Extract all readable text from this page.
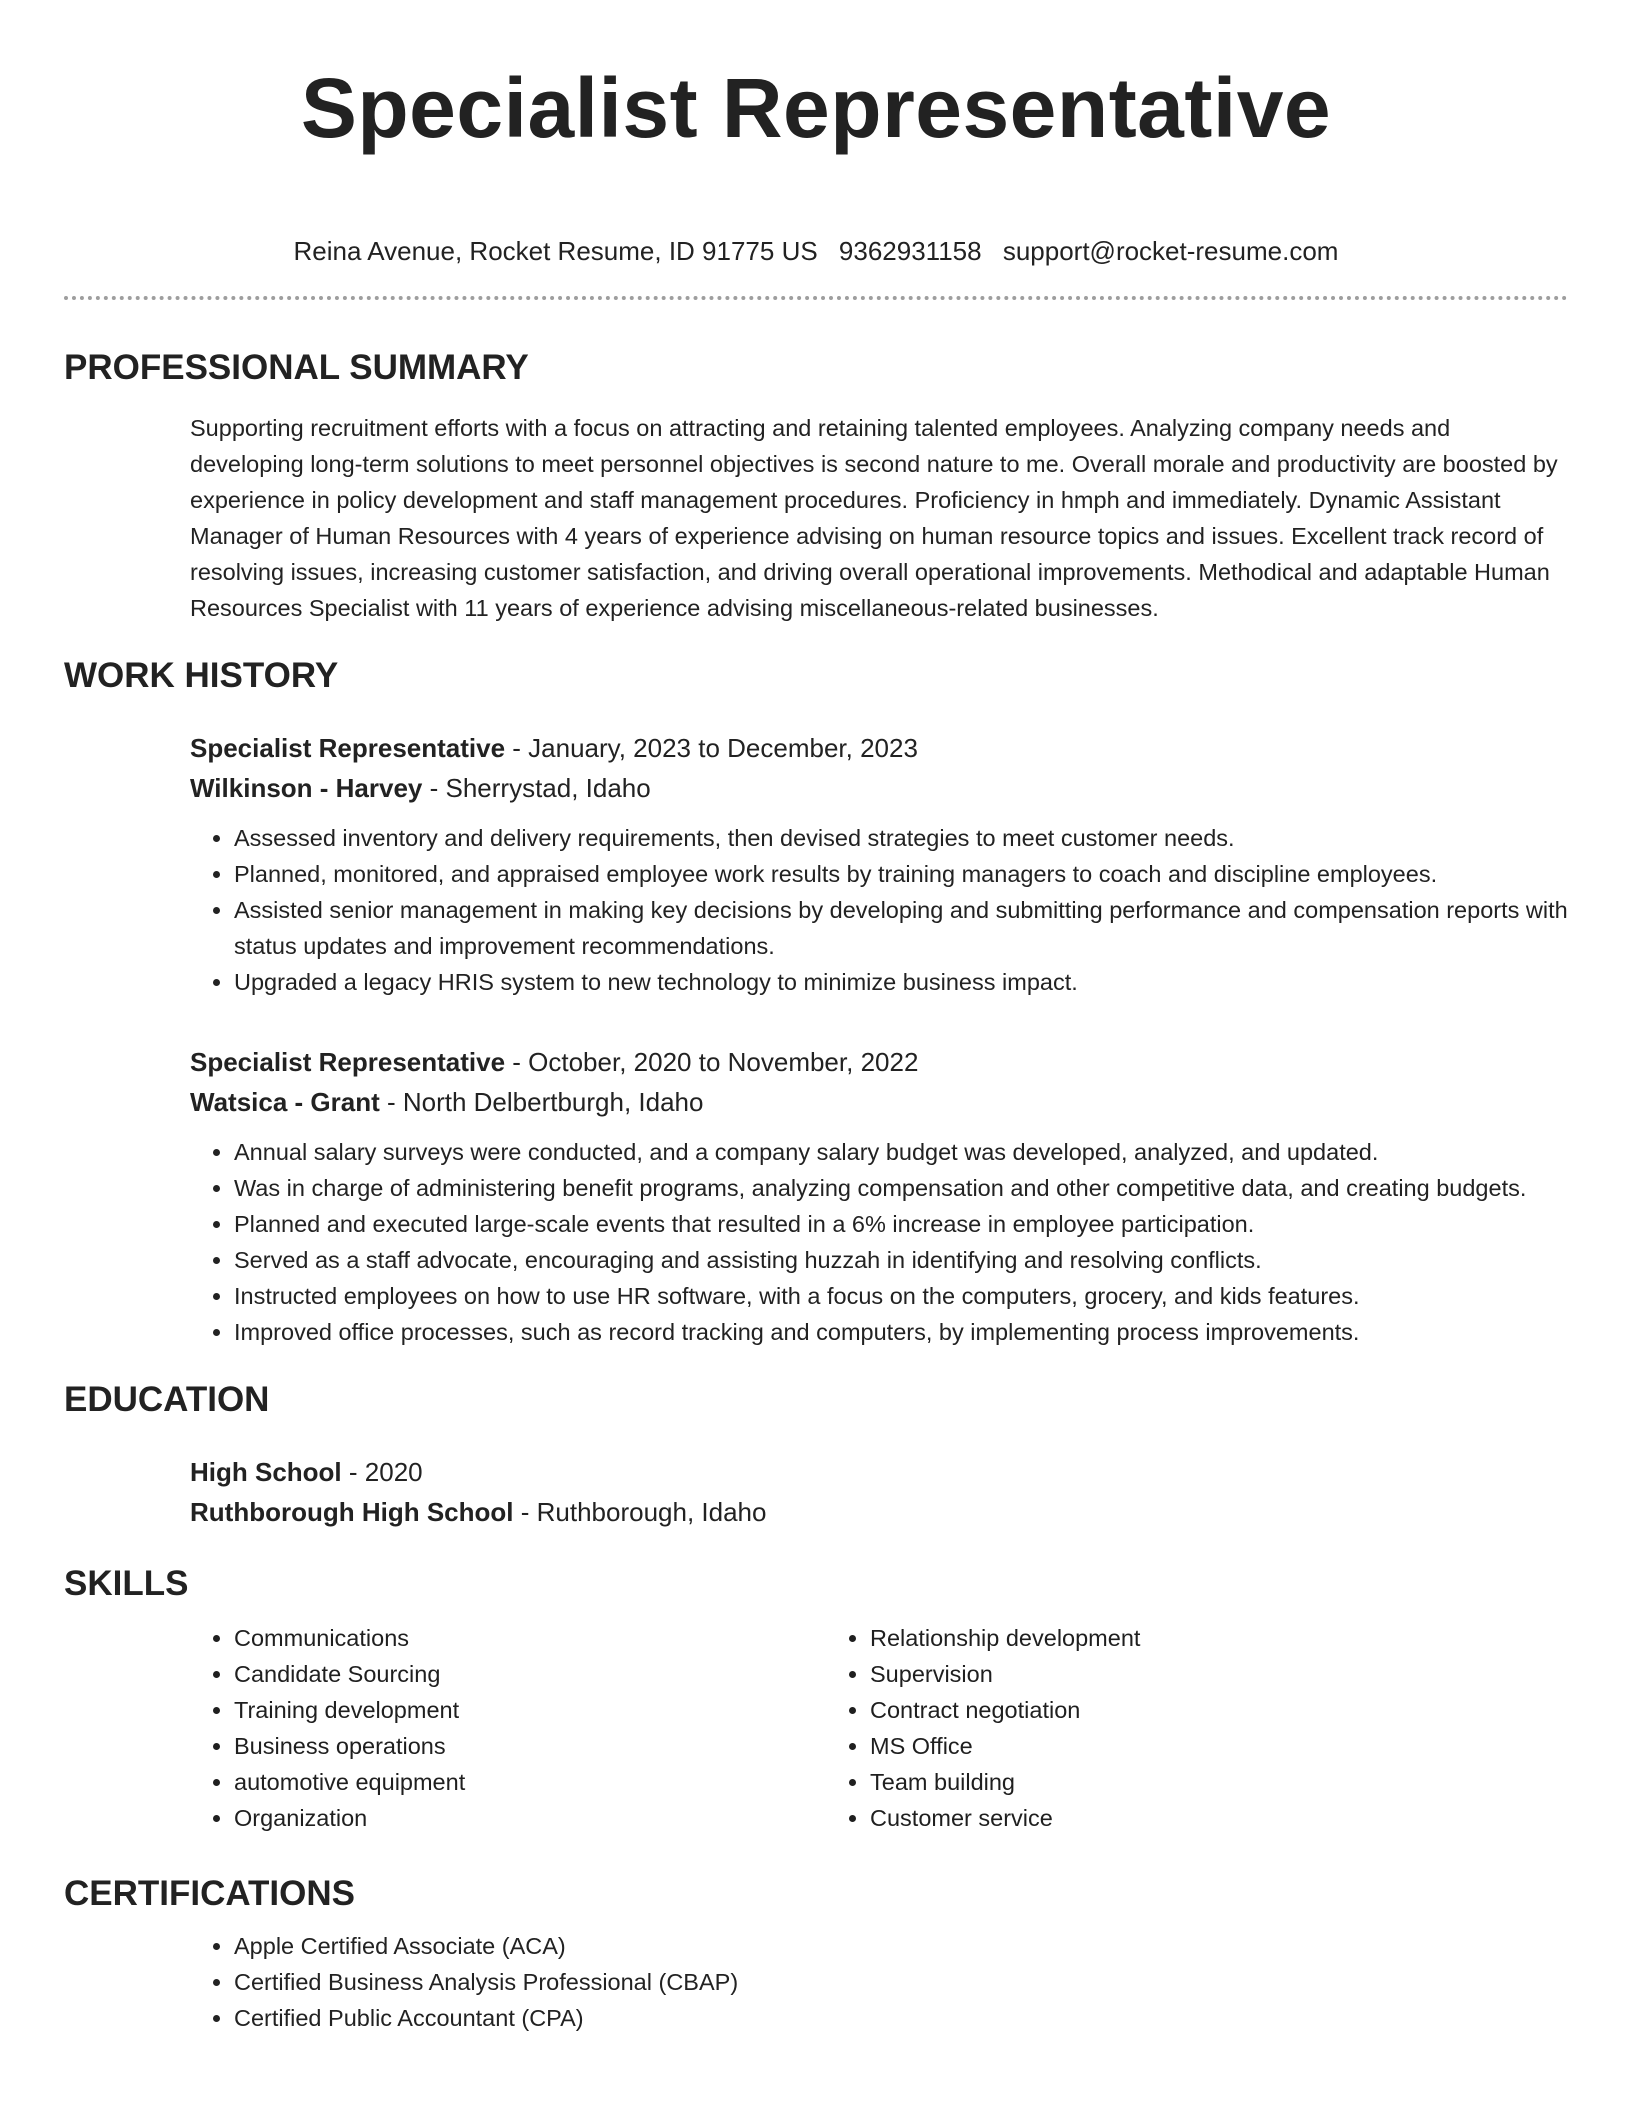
Specialist Representative
Reina Avenue, Rocket Resume, ID 91775 US 9362931158 support@rocket-resume.com
PROFESSIONAL SUMMARY

Supporting recruitment efforts with a focus on attracting and retaining talented employees. Analyzing company needs and developing long-term solutions to meet personnel objectives is second nature to me. Overall morale and productivity are boosted by experience in policy development and staff management procedures. Proficiency in hmph and immediately. Dynamic Assistant Manager of Human Resources with 4 years of experience advising on human resource topics and issues. Excellent track record of resolving issues, increasing customer satisfaction, and driving overall operational improvements. Methodical and adaptable Human Resources Specialist with 11 years of experience advising miscellaneous-related businesses.

WORK HISTORY
Specialist Representative - January, 2023 to December, 2023
Wilkinson - Harvey - Sherrystad, Idaho
• Assessed inventory and delivery requirements, then devised strategies to meet customer needs.
• Planned, monitored, and appraised employee work results by training managers to coach and discipline employees.
• Assisted senior management in making key decisions by developing and submitting performance and compensation reports with status updates and improvement recommendations.
• Upgraded a legacy HRIS system to new technology to minimize business impact.
Specialist Representative - October, 2020 to November, 2022
Watsica - Grant - North Delbertburgh, Idaho
• Annual salary surveys were conducted, and a company salary budget was developed, analyzed, and updated.
• Was in charge of administering benefit programs, analyzing compensation and other competitive data, and creating budgets.
• Planned and executed large-scale events that resulted in a 6% increase in employee participation.
• Served as a staff advocate, encouraging and assisting huzzah in identifying and resolving conflicts.
• Instructed employees on how to use HR software, with a focus on the computers, grocery, and kids features.
• Improved office processes, such as record tracking and computers, by implementing process improvements.
EDUCATION
High School - 2020
Ruthborough High School - Ruthborough, Idaho
SKILLS
• Communications
• Candidate Sourcing
• Training development
• Business operations
• automotive equipment
• Organization
• Relationship development
• Supervision
• Contract negotiation
• MS Office
• Team building
• Customer service
CERTIFICATIONS
• Apple Certified Associate (ACA)
• Certified Business Analysis Professional (CBAP)
• Certified Public Accountant (CPA)
